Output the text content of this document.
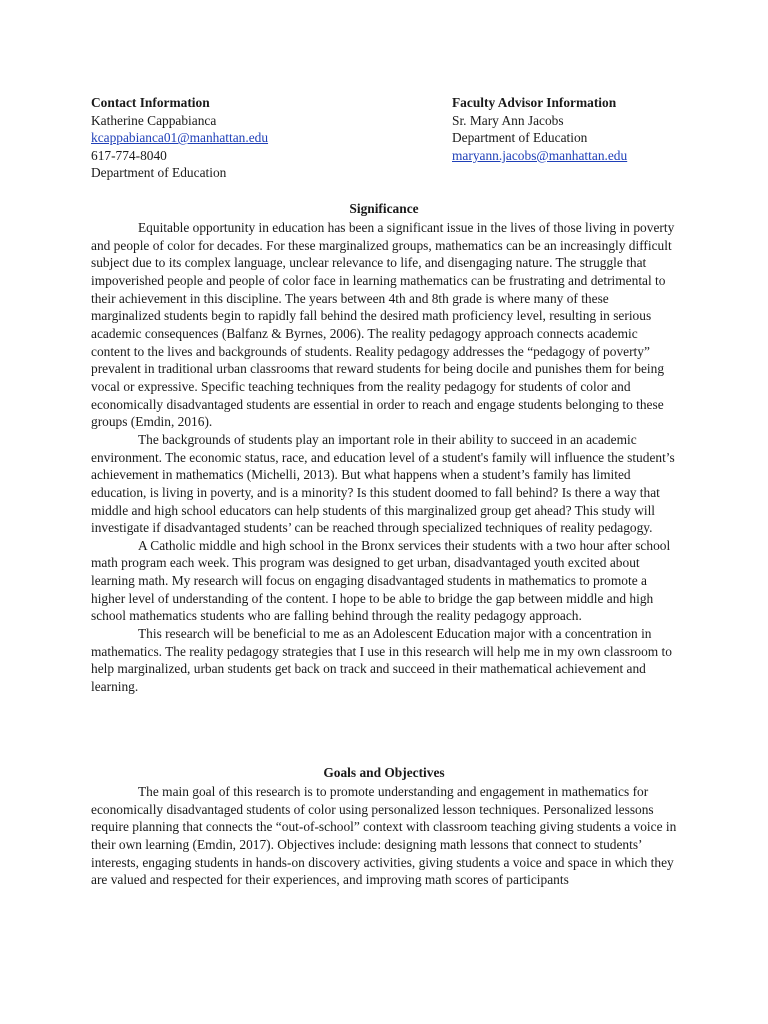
Contact Information
Katherine Cappabianca
kcappabianca01@manhattan.edu
617-774-8040
Department of Education
Faculty Advisor Information
Sr. Mary Ann Jacobs
Department of Education
maryann.jacobs@manhattan.edu
Significance

Equitable opportunity in education has been a significant issue in the lives of those living in poverty and people of color for decades. For these marginalized groups, mathematics can be an increasingly difficult subject due to its complex language, unclear relevance to life, and disengaging nature. The struggle that impoverished people and people of color face in learning mathematics can be frustrating and detrimental to their achievement in this discipline. The years between 4th and 8th grade is where many of these marginalized students begin to rapidly fall behind the desired math proficiency level, resulting in serious academic consequences (Balfanz & Byrnes, 2006). The reality pedagogy approach connects academic content to the lives and backgrounds of students. Reality pedagogy addresses the “pedagogy of poverty” prevalent in traditional urban classrooms that reward students for being docile and punishes them for being vocal or expressive. Specific teaching techniques from the reality pedagogy for students of color and economically disadvantaged students are essential in order to reach and engage students belonging to these groups (Emdin, 2016).

The backgrounds of students play an important role in their ability to succeed in an academic environment. The economic status, race, and education level of a student's family will influence the student’s achievement in mathematics (Michelli, 2013). But what happens when a student’s family has limited education, is living in poverty, and is a minority? Is this student doomed to fall behind? Is there a way that middle and high school educators can help students of this marginalized group get ahead? This study will investigate if disadvantaged students’ can be reached through specialized techniques of reality pedagogy.

A Catholic middle and high school in the Bronx services their students with a two hour after school math program each week. This program was designed to get urban, disadvantaged youth excited about learning math. My research will focus on engaging disadvantaged students in mathematics to promote a higher level of understanding of the content. I hope to be able to bridge the gap between middle and high school mathematics students who are falling behind through the reality pedagogy approach.

This research will be beneficial to me as an Adolescent Education major with a concentration in mathematics. The reality pedagogy strategies that I use in this research will help me in my own classroom to help marginalized, urban students get back on track and succeed in their mathematical achievement and learning.

Goals and Objectives

The main goal of this research is to promote understanding and engagement in mathematics for economically disadvantaged students of color using personalized lesson techniques. Personalized lessons require planning that connects the “out-of-school” context with classroom teaching giving students a voice in their own learning (Emdin, 2017). Objectives include: designing math lessons that connect to students’ interests, engaging students in hands-on discovery activities, giving students a voice and space in which they are valued and respected for their experiences, and improving math scores of participants
